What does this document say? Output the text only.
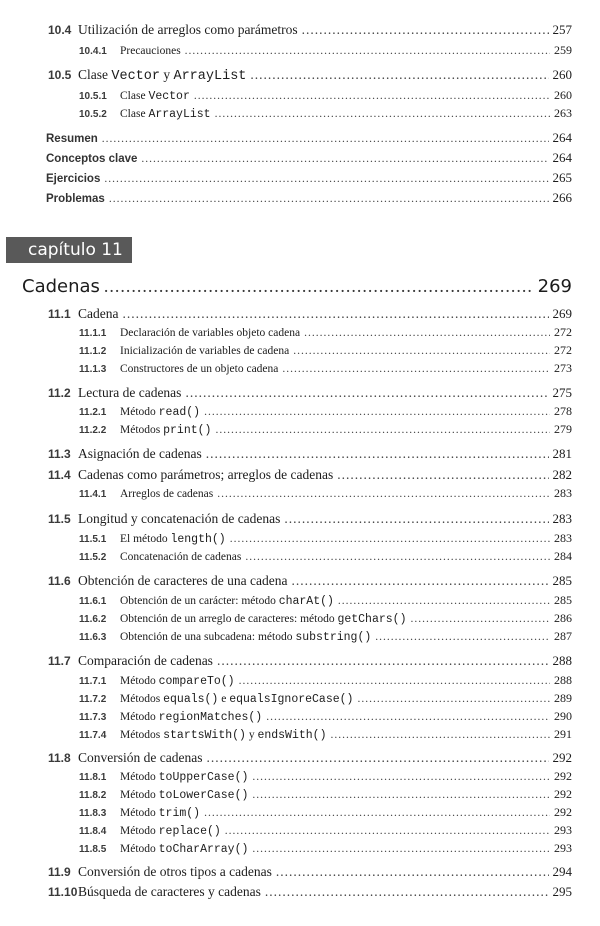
capítulo 11
Cadenas .....	269
10.4 Utilización de arreglos como parámetros .....	257
10.4.1	Precauciones .....	259
10.5 Clase Vector y ArrayList .....	260
10.5.1	Clase Vector .....	260
10.5.2	Clase ArrayList .....	263
Resumen .....	264
Conceptos clave .....	264
Ejercicios .....	265
Problemas .....	266
11.1 Cadena .....	269
11.1.1	Declaración de variables objeto cadena .....	272
11.1.2	Inicialización de variables de cadena .....	272
11.1.3	Constructores de un objeto cadena .....	273
11.2 Lectura de cadenas .....	275
11.2.1	Método read() .....	278
11.2.2	Métodos print() .....	279
11.3 Asignación de cadenas .....	281
11.4 Cadenas como parámetros; arreglos de cadenas .....	282
11.4.1	Arreglos de cadenas .....	283
11.5 Longitud y concatenación de cadenas .....	283
11.5.1	El método length() .....	283
11.5.2	Concatenación de cadenas .....	284
11.6 Obtención de caracteres de una cadena .....	285
11.6.1	Obtención de un carácter: método charAt() .....	285
11.6.2	Obtención de un arreglo de caracteres: método getChars() .....	286
11.6.3	Obtención de una subcadena: método substring() .....	287
11.7 Comparación de cadenas .....	288
11.7.1	Método compareTo() .....	288
11.7.2	Métodos equals() e equalsIgnoreCase() .....	289
11.7.3	Método regionMatches() .....	290
11.7.4	Métodos startsWith() y endsWith() .....	291
11.8 Conversión de cadenas .....	292
11.8.1	Método toUpperCase() .....	292
11.8.2	Método toLowerCase() .....	292
11.8.3	Método trim() .....	292
11.8.4	Método replace() .....	293
11.8.5	Método toCharArray() .....	293
11.9 Conversión de otros tipos a cadenas .....	294
11.10 Búsqueda de caracteres y cadenas .....	295
